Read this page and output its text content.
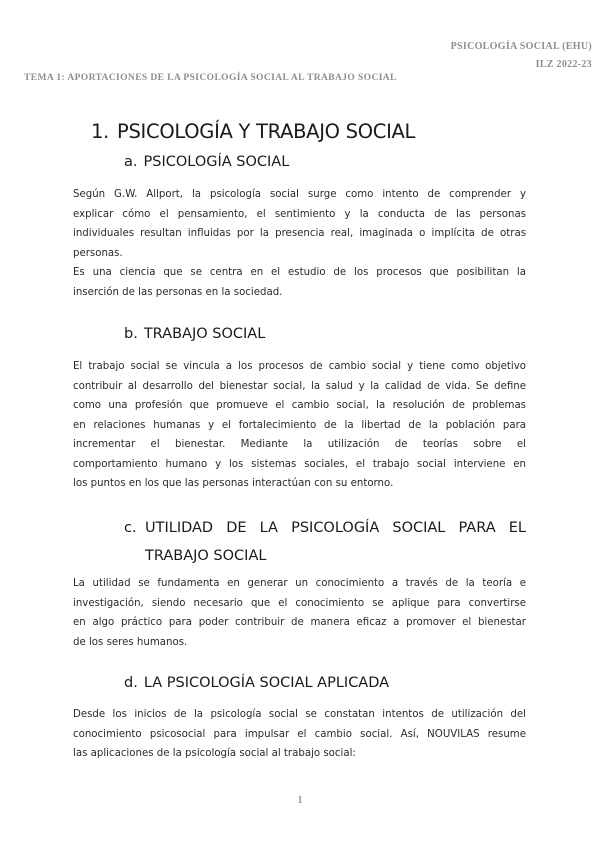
PSICOLOGÍA SOCIAL (EHU)
ILZ 2022-23
TEMA 1: APORTACIONES DE LA PSICOLOGÍA SOCIAL AL TRABAJO SOCIAL
1. PSICOLOGÍA Y TRABAJO SOCIAL
a. PSICOLOGÍA SOCIAL
Según G.W. Allport, la psicología social surge como intento de comprender y
explicar cómo el pensamiento, el sentimiento y la conducta de las personas
individuales resultan influidas por la presencia real, imaginada o implícita de otras
personas.
Es una ciencia que se centra en el estudio de los procesos que posibilitan la
inserción de las personas en la sociedad.
b. TRABAJO SOCIAL
El trabajo social se vincula a los procesos de cambio social y tiene como objetivo
contribuir al desarrollo del bienestar social, la salud y la calidad de vida. Se define
como una profesión que promueve el cambio social, la resolución de problemas
en relaciones humanas y el fortalecimiento de la libertad de la población para
incrementar el bienestar. Mediante la utilización de teorías sobre el
comportamiento humano y los sistemas sociales, el trabajo social interviene en
los puntos en los que las personas interactúan con su entorno.
c. UTILIDAD DE LA PSICOLOGÍA SOCIAL PARA EL
TRABAJO SOCIAL
La utilidad se fundamenta en generar un conocimiento a través de la teoría e
investigación, siendo necesario que el conocimiento se aplique para convertirse
en algo práctico para poder contribuir de manera eficaz a promover el bienestar
de los seres humanos.
d. LA PSICOLOGÍA SOCIAL APLICADA
Desde los inicios de la psicología social se constatan intentos de utilización del
conocimiento psicosocial para impulsar el cambio social. Así, NOUVILAS resume
las aplicaciones de la psicología social al trabajo social:
1
